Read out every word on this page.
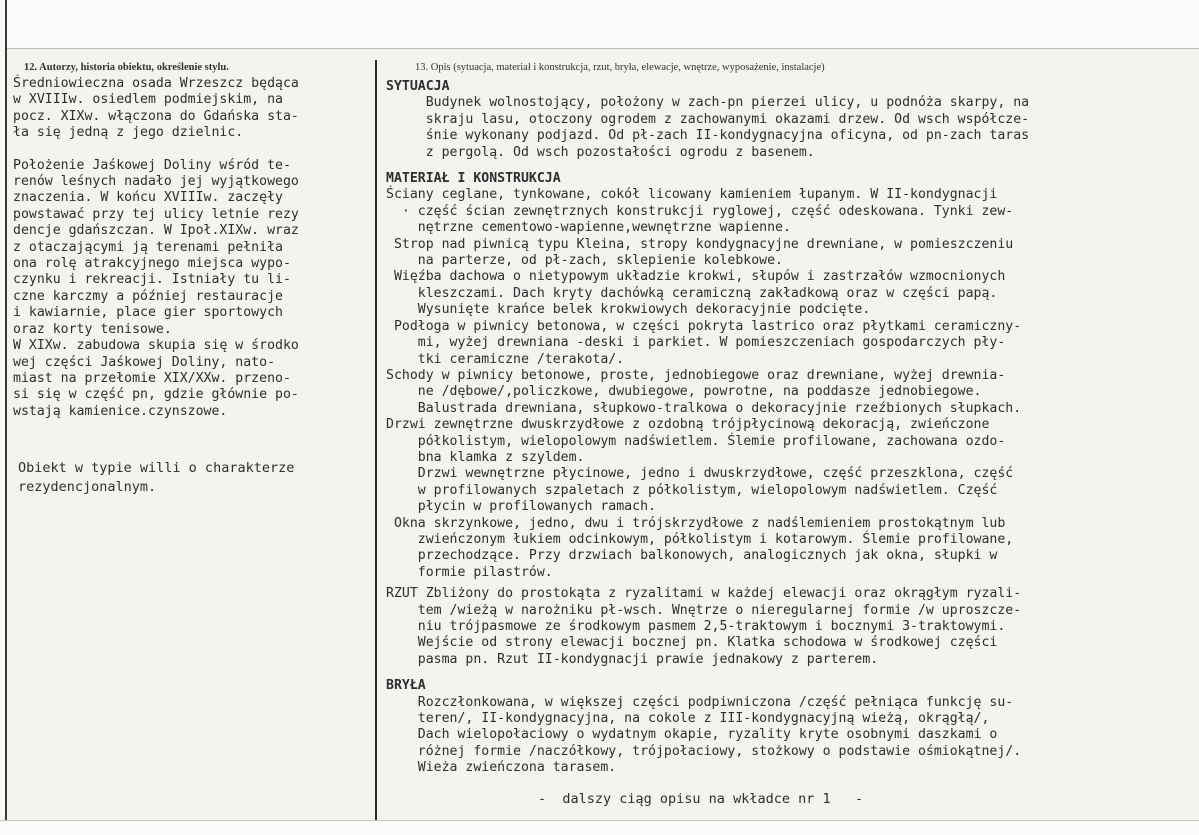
12. Autorzy, historia obiektu, określenie stylu.	13. Opis (sytuacja, materiał i konstrukcja, rzut, bryła, elewacje, wnętrze, wyposażenie, instalacje)

Średniowieczna osada Wrzeszcz będąca

w XVIIIw. osiedlem podmiejskim, na

pocz. XIXw. włączona do Gdańska sta-

ła się jedną z jego dzielnic.

Położenie Jaśkowej Doliny wśród te-

renów leśnych nadało jej wyjątkowego

znaczenia. W końcu XVIIIw. zaczęły

powstawać przy tej ulicy letnie rezy

dencje gdańszczan. W Ipoł.XIXw. wraz

z otaczającymi ją terenami pełniła

ona rolę atrakcyjnego miejsca wypo-

czynku i rekreacji. Istniały tu li-

czne karczmy a później restauracje

i kawiarnie, place gier sportowych

oraz korty tenisowe.

W XIXw. zabudowa skupia się w środko

wej części Jaśkowej Doliny, nato-

miast na przełomie XIX/XXw. przeno-

si się w część pn, gdzie głównie po-

wstają kamienice.czynszowe.

Obiekt w typie willi o charakterze

rezydencjonalnym.

SYTUACJA

Budynek wolnostojący, położony w zach-pn pierzei ulicy, u podnóża skarpy, na

skraju lasu, otoczony ogrodem z zachowanymi okazami drzew. Od wsch współcze-

śnie wykonany podjazd. Od pł-zach II-kondygnacyjna oficyna, od pn-zach taras

z pergolą. Od wsch pozostałości ogrodu z basenem.

MATERIAŁ I KONSTRUKCJA

Ściany ceglane, tynkowane, cokół licowany kamieniem łupanym. W II-kondygnacji

· część ścian zewnętrznych konstrukcji ryglowej, część odeskowana. Tynki zew-

nętrzne cementowo-wapienne,wewnętrzne wapienne.

Strop nad piwnicą typu Kleina, stropy kondygnacyjne drewniane, w pomieszczeniu

na parterze, od pł-zach, sklepienie kolebkowe.

Więźba dachowa o nietypowym układzie krokwi, słupów i zastrzałów wzmocnionych

kleszczami. Dach kryty dachówką ceramiczną zakładkową oraz w części papą.

Wysunięte krańce belek krokwiowych dekoracyjnie podcięte.

Podłoga w piwnicy betonowa, w części pokryta lastrico oraz płytkami ceramiczny-

mi, wyżej drewniana -deski i parkiet. W pomieszczeniach gospodarczych pły-

tki ceramiczne /terakota/.

Schody w piwnicy betonowe, proste, jednobiegowe oraz drewniane, wyżej drewnia-

ne /dębowe/,policzkowe, dwubiegowe, powrotne, na poddasze jednobiegowe.

Balustrada drewniana, słupkowo-tralkowa o dekoracyjnie rzeźbionych słupkach.

Drzwi zewnętrzne dwuskrzydłowe z ozdobną trójpłycinową dekoracją, zwieńczone

półkolistym, wielopolowym nadświetlem. Ślemie profilowane, zachowana ozdo-

bna klamka z szyldem.

Drzwi wewnętrzne płycinowe, jedno i dwuskrzydłowe, część przeszklona, część

w profilowanych szpaletach z półkolistym, wielopolowym nadświetlem. Część

płycin w profilowanych ramach.

Okna skrzynkowe, jedno, dwu i trójskrzydłowe z nadślemieniem prostokątnym lub

zwieńczonym łukiem odcinkowym, półkolistym i kotarowym. Ślemie profilowane,

przechodzące. Przy drzwiach balkonowych, analogicznych jak okna, słupki w

formie pilastrów.

RZUT Zbliżony do prostokąta z ryzalitami w każdej elewacji oraz okrągłym ryzali-

tem /wieżą w narożniku pł-wsch. Wnętrze o nieregularnej formie /w uproszcze-

niu trójpasmowe ze środkowym pasmem 2,5-traktowym i bocznymi 3-traktowymi.

Wejście od strony elewacji bocznej pn. Klatka schodowa w środkowej części

pasma pn. Rzut II-kondygnacji prawie jednakowy z parterem.

BRYŁA

Rozczłonkowana, w większej części podpiwniczona /część pełniąca funkcję su-

teren/, II-kondygnacyjna, na cokole z III-kondygnacyjną wieżą, okrągłą/,

Dach wielopołaciowy o wydatnym okapie, ryzality kryte osobnymi daszkami o

różnej formie /naczółkowy, trójpołaciowy, stożkowy o podstawie ośmiokątnej/.

Wieża zwieńczona tarasem.

-  dalszy ciąg opisu na wkładce nr 1   -
